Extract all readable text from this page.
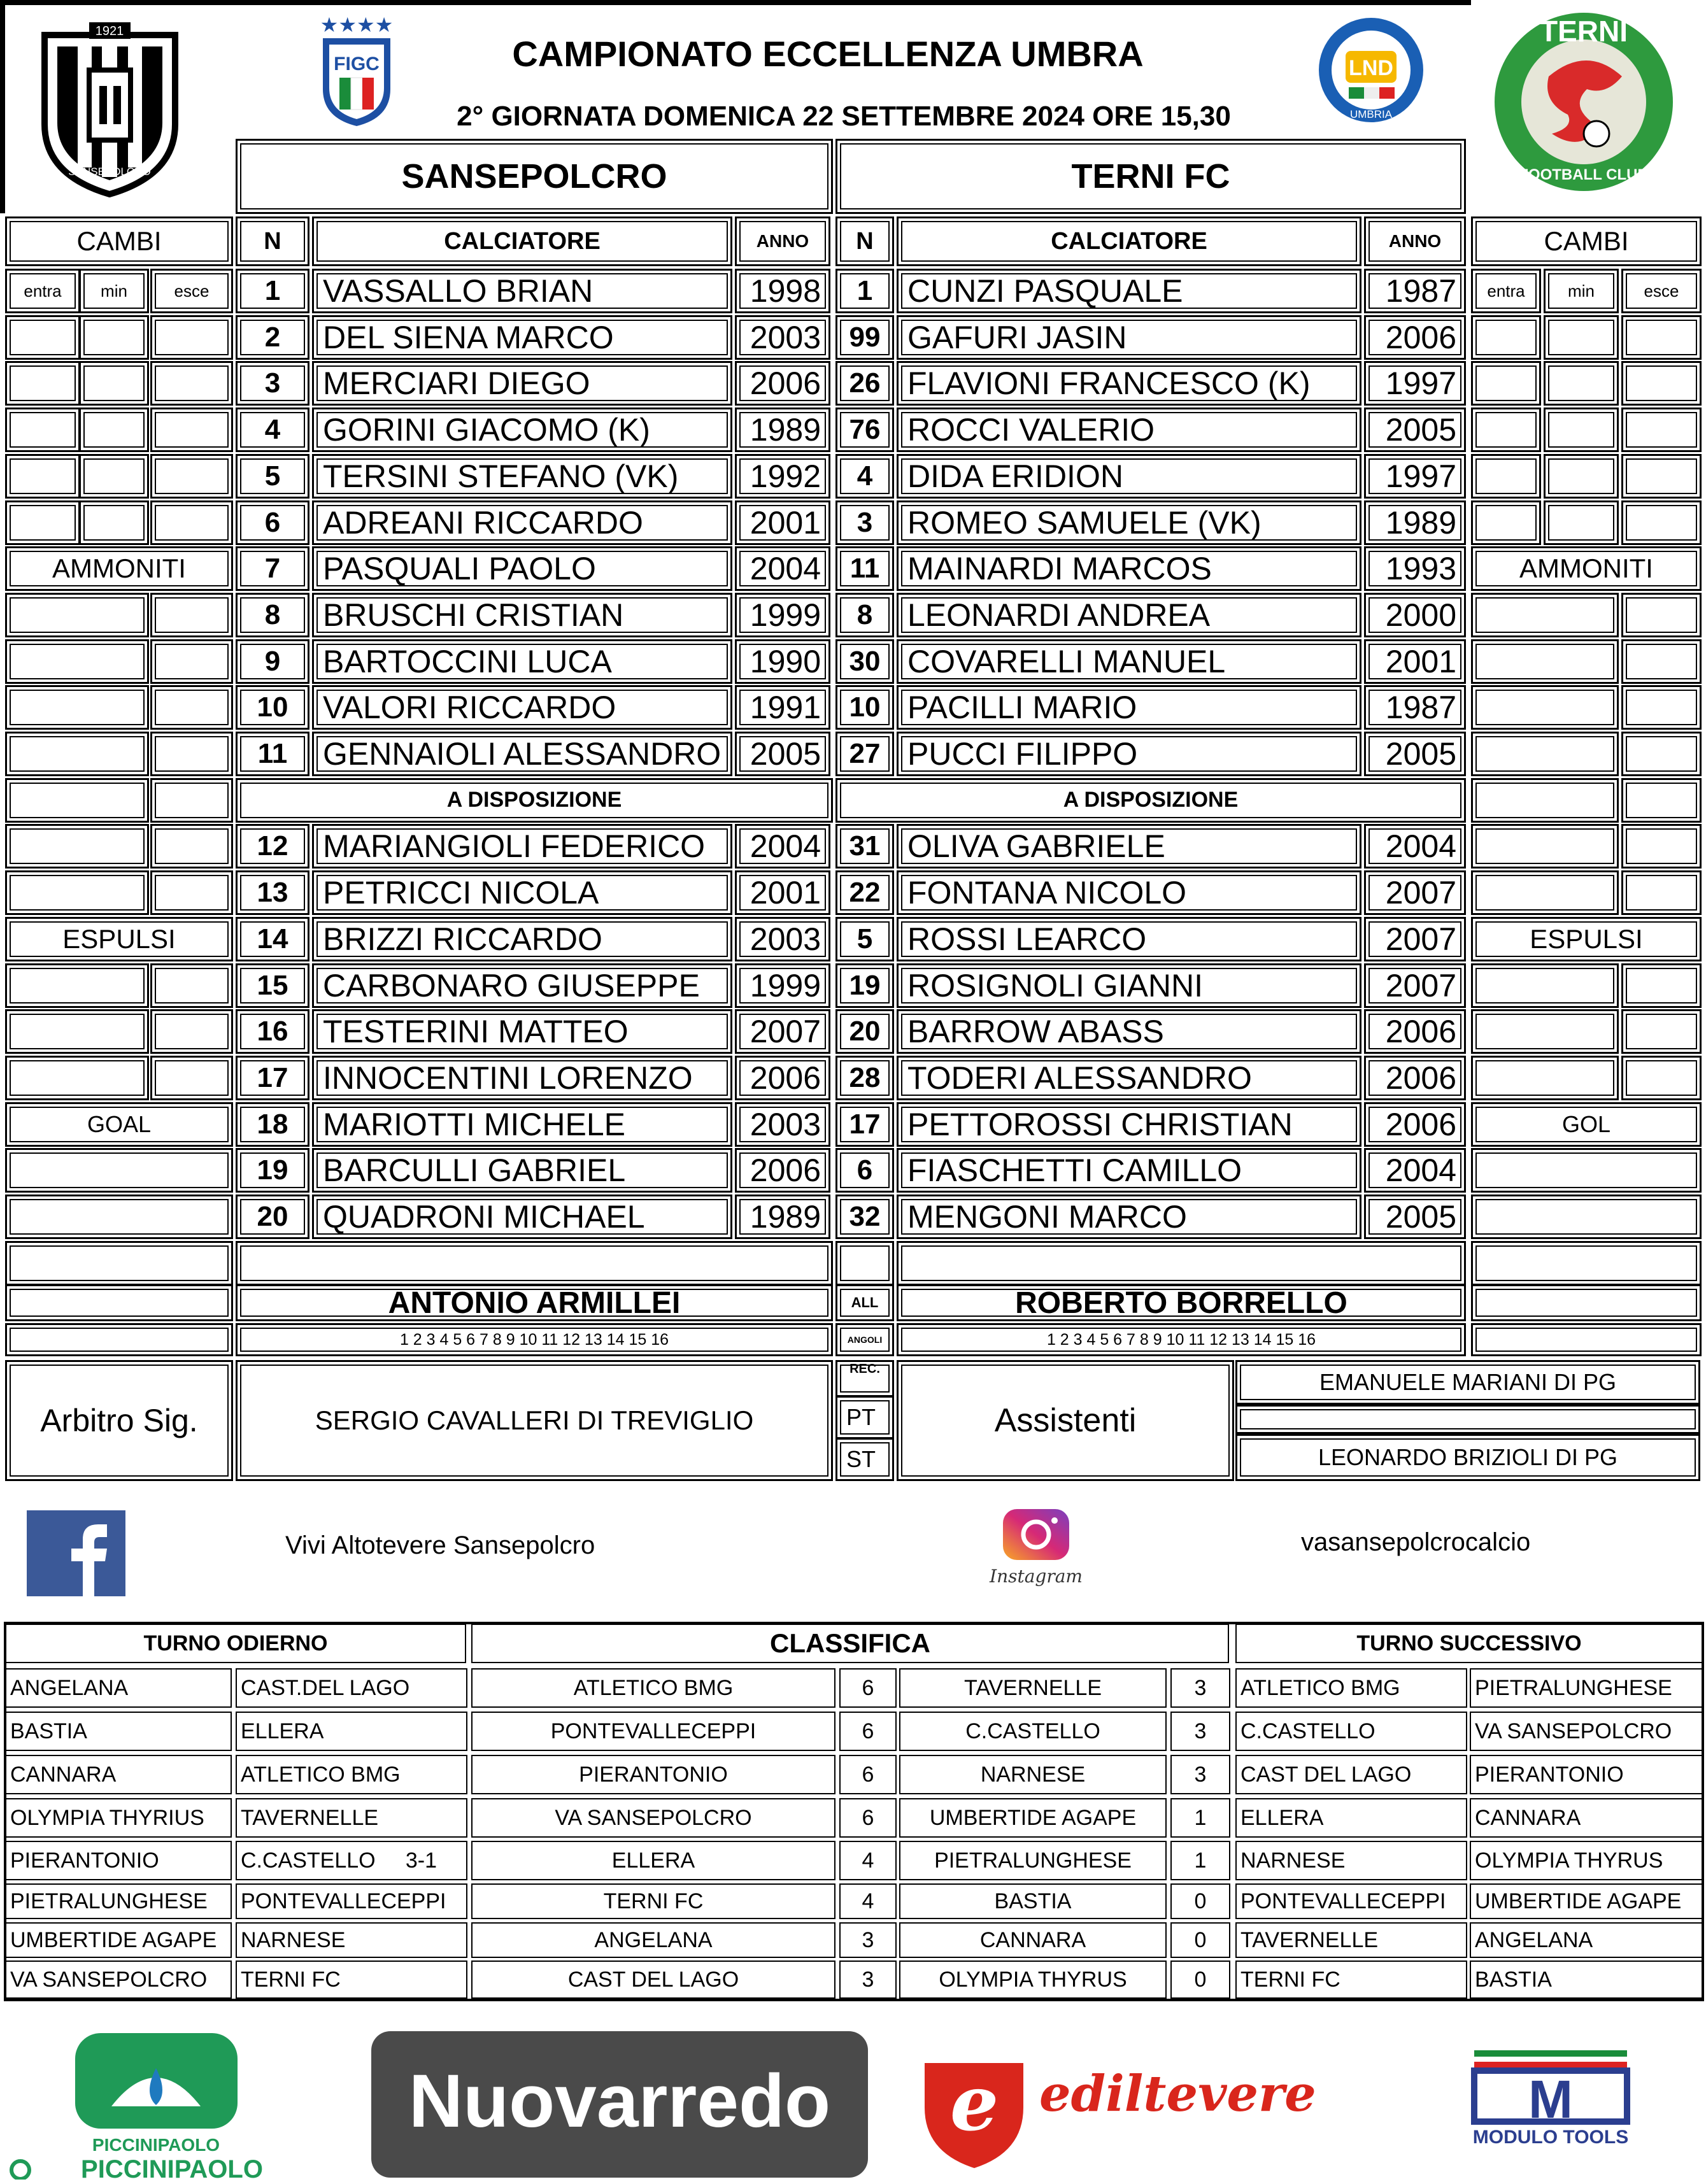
1921
SANSEPOLCRO
★★★★
FIGC	CAMPIONATO ECCELLENZA UMBRA
2° GIORNATA DOMENICA 22 SETTEMBRE 2024 ORE 15,30
LND
UMBRIA
TERNI
FOOTBALL CLUB
SANSEPOLCRO	TERNI FC
CAMBI	N	CALCIATORE	ANNO	N	CALCIATORE	ANNO	CAMBI
entra	min	esce	entra	min	esce
1	VASSALLO BRIAN	1998	1	CUNZI PASQUALE	1987
2	DEL SIENA MARCO	2003	99 GAFURI JASIN	2006
3	MERCIARI DIEGO	2006	26 FLAVIONI FRANCESCO (K)	1997
4	GORINI GIACOMO (K)	1989	76 ROCCI VALERIO	2005
5	TERSINI STEFANO (VK)	1992	4	DIDA ERIDION	1997
6	ADREANI RICCARDO	2001	3	ROMEO SAMUELE (VK)	1989
AMMONITI	AMMONITI
7	PASQUALI PAOLO	2004	11 MAINARDI MARCOS	1993
8	BRUSCHI CRISTIAN	1999	8	LEONARDI ANDREA	2000
9	BARTOCCINI LUCA	1990	30 COVARELLI MANUEL	2001
10	VALORI RICCARDO	1991	10 PACILLI MARIO	1987
11	GENNAIOLI ALESSANDRO 2005	27 PUCCI FILIPPO	2005
A DISPOSIZIONE	A DISPOSIZIONE
12	MARIANGIOLI FEDERICO	2004	31 OLIVA GABRIELE	2004
13	PETRICCI NICOLA	2001	22 FONTANA NICOLO	2007
ESPULSI	ESPULSI
14	BRIZZI RICCARDO	2003	5	ROSSI LEARCO	2007
15	CARBONARO GIUSEPPE	1999	19 ROSIGNOLI GIANNI	2007
16	TESTERINI MATTEO	2007	20 BARROW ABASS	2006
17	INNOCENTINI LORENZO	2006	28 TODERI ALESSANDRO	2006
GOAL	GOL
18	MARIOTTI MICHELE	2003	17 PETTOROSSI CHRISTIAN	2006
19	BARCULLI GABRIEL	2006	6	FIASCHETTI CAMILLO	2004
20	QUADRONI MICHAEL	1989	32 MENGONI MARCO	2005
ANTONIO ARMILLEI	ALL	ROBERTO BORRELLO
1 2 3 4 5 6 7 8 9 10 11 12 13 14 15 16	ANGOLI	1 2 3 4 5 6 7 8 9 10 11 12 13 14 15 16
Arbitro Sig.	SERGIO CAVALLERI DI TREVIGLIO
REC.
PT
ST
Assistenti
EMANUELE MARIANI DI PG
LEONARDO BRIZIOLI DI PG
Vivi Altotevere Sansepolcro
Instagram
vasansepolcrocalcio
TURNO ODIERNO	CLASSIFICA	TURNO SUCCESSIVO
ANGELANA	CAST.DEL LAGO	ATLETICO BMG	6	TAVERNELLE	3	ATLETICO BMG	PIETRALUNGHESE
BASTIA	ELLERA	PONTEVALLECEPPI	6	C.CASTELLO	3	C.CASTELLO	VA SANSEPOLCRO
CANNARA	ATLETICO BMG	PIERANTONIO	6	NARNESE	3	CAST DEL LAGO	PIERANTONIO
OLYMPIA THYRIUS	TAVERNELLE	VA SANSEPOLCRO	6	UMBERTIDE AGAPE	1	ELLERA	CANNARA
PIERANTONIO	C.CASTELLO     3-1	ELLERA	4	PIETRALUNGHESE	1	NARNESE	OLYMPIA THYRUS
PIETRALUNGHESE	PONTEVALLECEPPI	TERNI FC	4	BASTIA	0	PONTEVALLECEPPI	UMBERTIDE AGAPE
UMBERTIDE AGAPE	NARNESE	ANGELANA	3	CANNARA	0	TAVERNELLE	ANGELANA
VA SANSEPOLCRO	TERNI FC	CAST DEL LAGO	3	OLYMPIA THYRUS	0	TERNI FC	BASTIA
PICCINIPAOLO
PICCINIPAOLO
Nuovarredo e ediltevere	M
MODULO TOOLS
